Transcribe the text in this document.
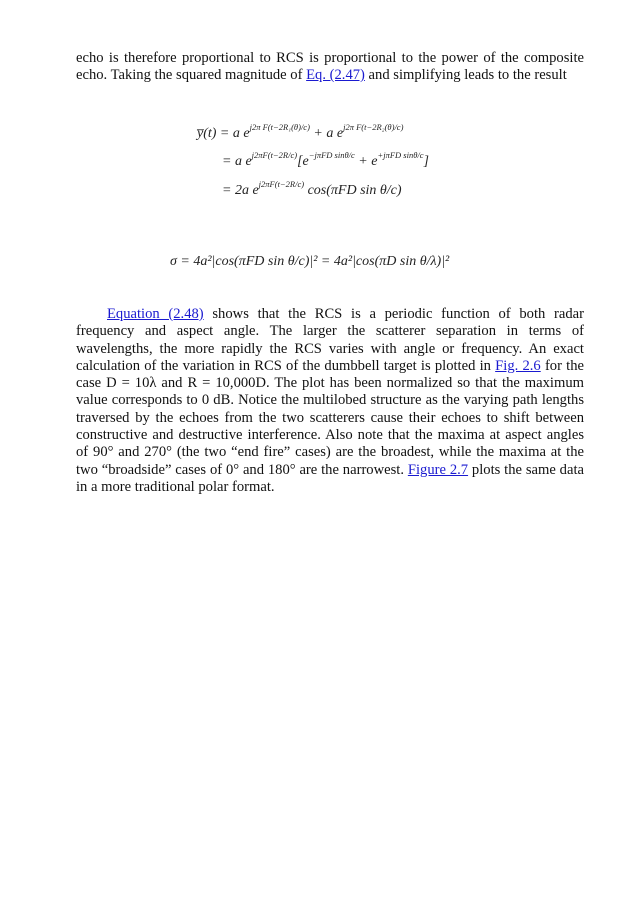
echo is therefore proportional to RCS is proportional to the power of the composite echo. Taking the squared magnitude of Eq. (2.47) and simplifying leads to the result

y̅(t) = a $e^{j2\pi F(t-2R_1(\theta)/c)} + a$ $e^{j2\pi F(t-2R_2(\theta)/c)}$
= a $e^{j2\pi F(t-2R/c)}[e^{-j\pi FD sin\theta/c} + e^{+j\pi FD sin\theta/c}]$
= 2a $e^{j2\pi F(t-2R/c)}$ cos(πFD sin θ/c)
σ = 4a²|cos(πFD sin θ/c)|² = 4a²|cos(πD sin θ/λ)|²

Equation (2.48) shows that the RCS is a periodic function of both radar frequency and aspect angle. The larger the scatterer separation in terms of wavelengths, the more rapidly the RCS varies with angle or frequency. An exact calculation of the variation in RCS of the dumbbell target is plotted in Fig. 2.6 for the case D = 10λ and R = 10,000D. The plot has been normalized so that the maximum value corresponds to 0 dB. Notice the multilobed structure as the varying path lengths traversed by the echoes from the two scatterers cause their echoes to shift between constructive and destructive interference. Also note that the maxima at aspect angles of 90° and 270° (the two “end fire” cases) are the broadest, while the maxima at the two “broadside” cases of 0° and 180° are the narrowest. Figure 2.7 plots the same data in a more traditional polar format.
